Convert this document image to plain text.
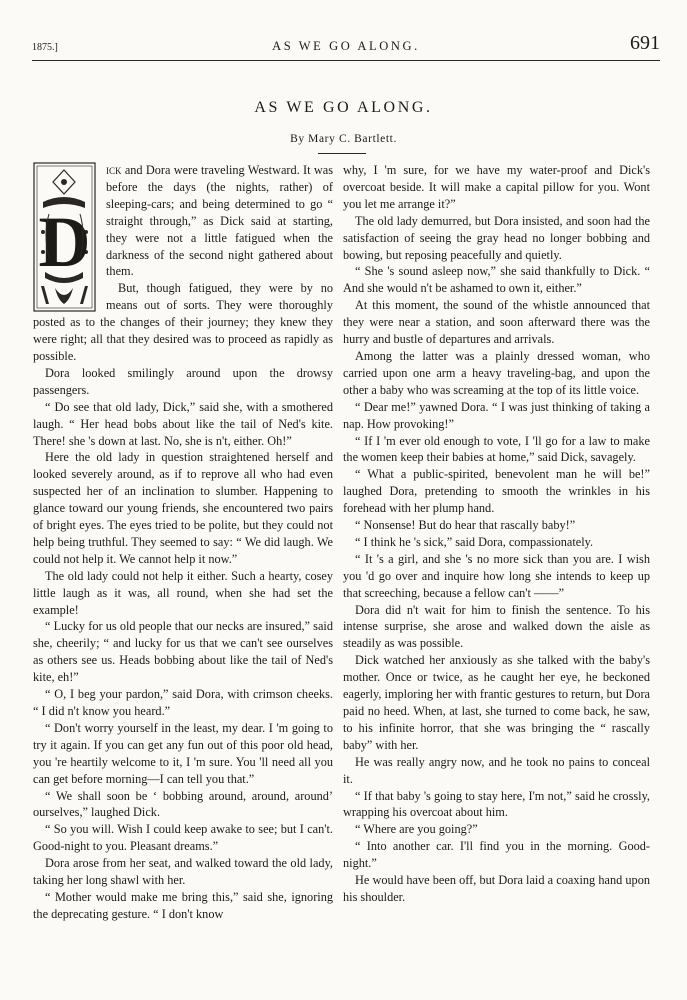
1875.]	AS WE GO ALONG.	691
AS WE GO ALONG.
By Mary C. Bartlett.

D
ick and Dora were traveling Westward. It was before the days (the nights, rather) of sleeping-cars; and being determined to go “ straight through,” as Dick said at starting, they were not a little fatigued when the darkness of the second night gathered about them.

But, though fatigued, they were by no means out of sorts. They were thoroughly posted as to the changes of their journey; they knew they were right; all that they desired was to proceed as rapidly as possible.

Dora looked smilingly around upon the drowsy passengers.

“ Do see that old lady, Dick,” said she, with a smothered laugh. “ Her head bobs about like the tail of Ned's kite. There! she 's down at last. No, she is n't, either. Oh!”

Here the old lady in question straightened herself and looked severely around, as if to reprove all who had even suspected her of an inclination to slumber. Happening to glance toward our young friends, she encountered two pairs of bright eyes. The eyes tried to be polite, but they could not help being truthful. They seemed to say: “ We did laugh. We could not help it. We cannot help it now.”

The old lady could not help it either. Such a hearty, cosey little laugh as it was, all round, when she had set the example!

“ Lucky for us old people that our necks are insured,” said she, cheerily; “ and lucky for us that we can't see ourselves as others see us. Heads bobbing about like the tail of Ned's kite, eh!”

“ O, I beg your pardon,” said Dora, with crimson cheeks. “ I did n't know you heard.”

“ Don't worry yourself in the least, my dear. I 'm going to try it again. If you can get any fun out of this poor old head, you 're heartily welcome to it, I 'm sure. You 'll need all you can get before morning—I can tell you that.”

“ We shall soon be ‘ bobbing around, around, around’ ourselves,” laughed Dick.

“ So you will. Wish I could keep awake to see; but I can't. Good-night to you. Pleasant dreams.”

Dora arose from her seat, and walked toward the old lady, taking her long shawl with her.

“ Mother would make me bring this,” said she, ignoring the deprecating gesture. “ I don't know

why, I 'm sure, for we have my water-proof and Dick's overcoat beside. It will make a capital pillow for you. Wont you let me arrange it?”

The old lady demurred, but Dora insisted, and soon had the satisfaction of seeing the gray head no longer bobbing and bowing, but reposing peacefully and quietly.

“ She 's sound asleep now,” she said thankfully to Dick. “ And she would n't be ashamed to own it, either.”

At this moment, the sound of the whistle announced that they were near a station, and soon afterward there was the hurry and bustle of departures and arrivals.

Among the latter was a plainly dressed woman, who carried upon one arm a heavy traveling-bag, and upon the other a baby who was screaming at the top of its little voice.

“ Dear me!” yawned Dora. “ I was just thinking of taking a nap. How provoking!”

“ If I 'm ever old enough to vote, I 'll go for a law to make the women keep their babies at home,” said Dick, savagely.

“ What a public-spirited, benevolent man he will be!” laughed Dora, pretending to smooth the wrinkles in his forehead with her plump hand.

“ Nonsense! But do hear that rascally baby!”

“ I think he 's sick,” said Dora, compassionately.

“ It 's a girl, and she 's no more sick than you are. I wish you 'd go over and inquire how long she intends to keep up that screeching, because a fellow can't ——”

Dora did n't wait for him to finish the sentence. To his intense surprise, she arose and walked down the aisle as steadily as was possible.

Dick watched her anxiously as she talked with the baby's mother. Once or twice, as he caught her eye, he beckoned eagerly, imploring her with frantic gestures to return, but Dora paid no heed. When, at last, she turned to come back, he saw, to his infinite horror, that she was bringing the “ rascally baby” with her.

He was really angry now, and he took no pains to conceal it.

“ If that baby 's going to stay here, I'm not,” said he crossly, wrapping his overcoat about him.

“ Where are you going?”

“ Into another car. I'll find you in the morning. Good-night.”

He would have been off, but Dora laid a coaxing hand upon his shoulder.
